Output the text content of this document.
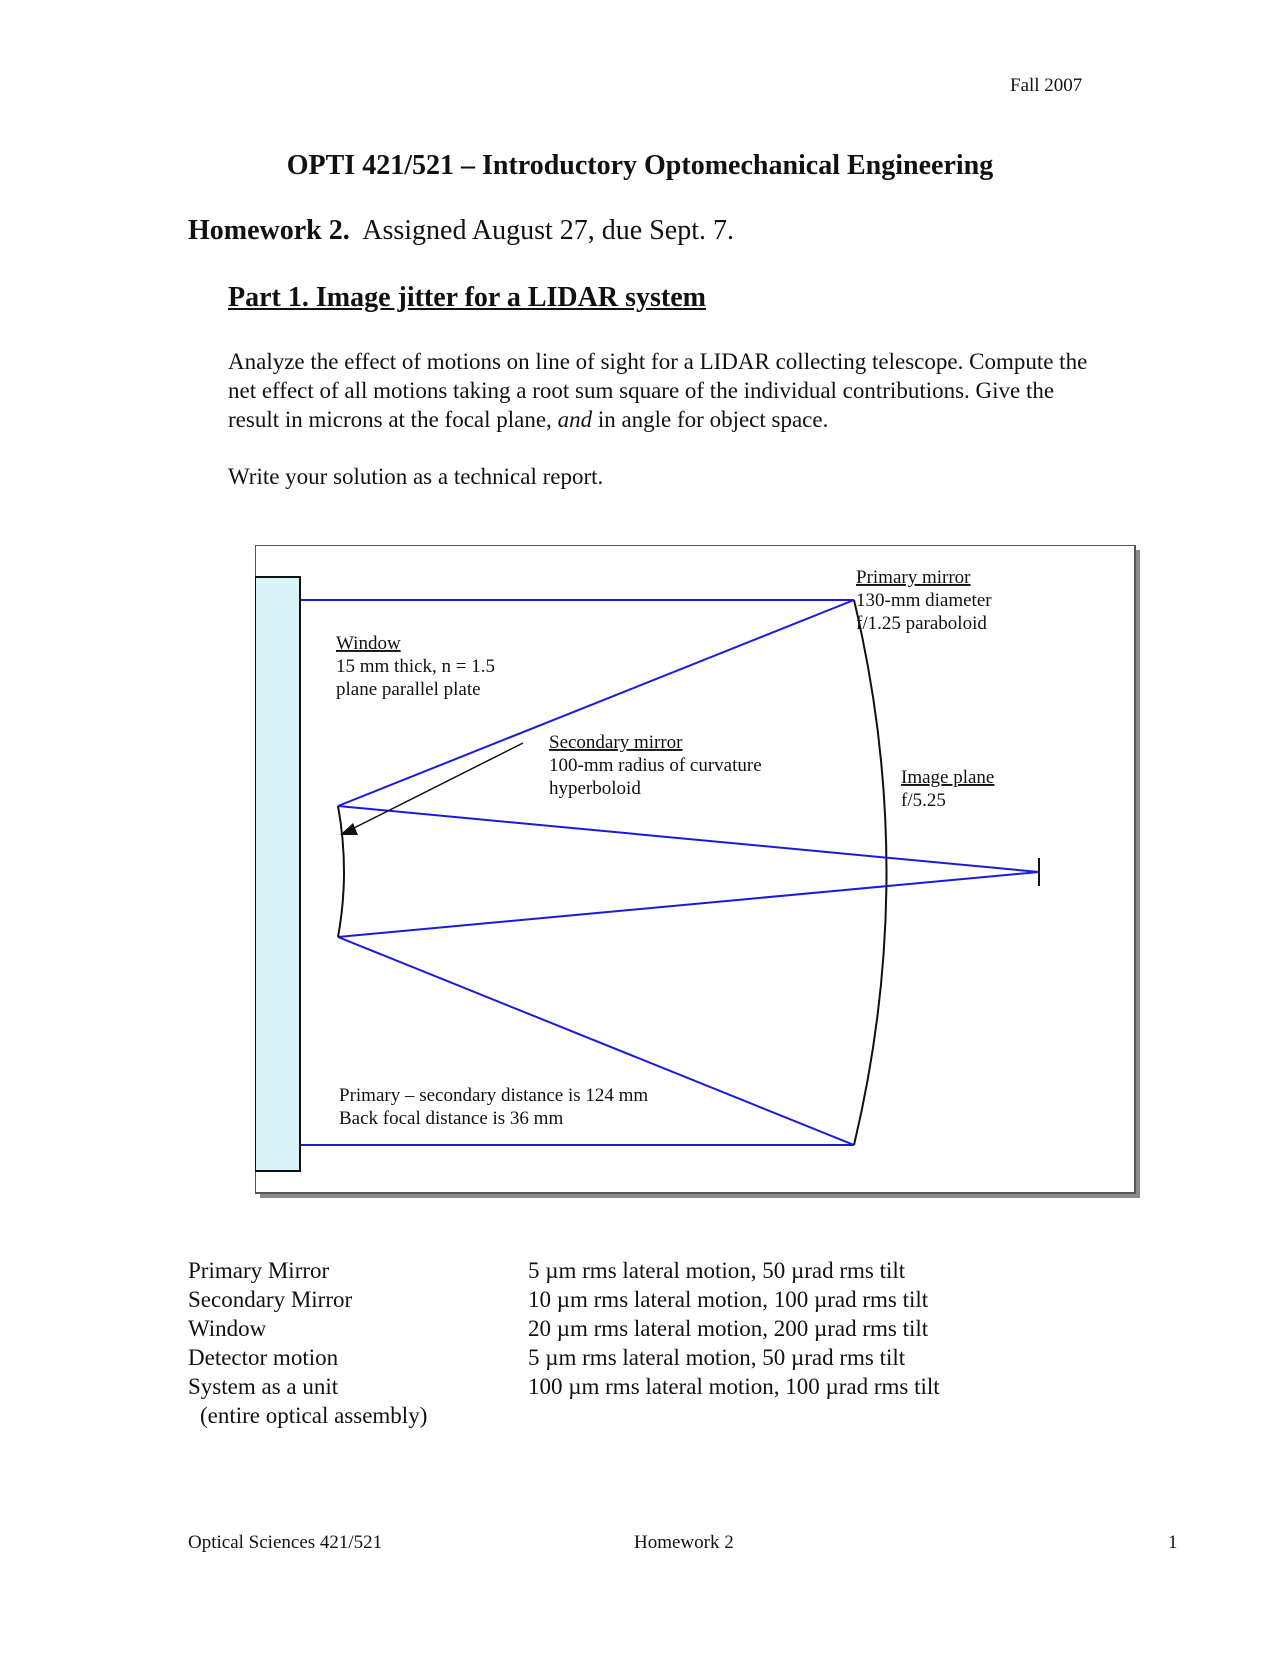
Fall 2007
OPTI 421/521 – Introductory Optomechanical Engineering
Homework 2. Assigned August 27, due Sept. 7.
Part 1. Image jitter for a LIDAR system

Analyze the effect of motions on line of sight for a LIDAR collecting telescope. Compute the net effect of all motions taking a root sum square of the individual contributions. Give the result in microns at the focal plane, and in angle for object space.

Write your solution as a technical report.

Primary mirror 130-mm diameter f/1.25 paraboloid
Window 15 mm thick, n = 1.5 plane parallel plate
Secondary mirror 100-mm radius of curvature hyperboloid
Image plane f/5.25
Primary – secondary distance is 124 mm Back focal distance is 36 mm
Primary Mirror	5 µm rms lateral motion, 50 µrad rms tilt
Secondary Mirror	10 µm rms lateral motion, 100 µrad rms tilt
Window	20 µm rms lateral motion, 200 µrad rms tilt
Detector motion	5 µm rms lateral motion, 50 µrad rms tilt
System as a unit	100 µm rms lateral motion, 100 µrad rms tilt
(entire optical assembly)	
Optical Sciences 421/521	Homework 2	1
